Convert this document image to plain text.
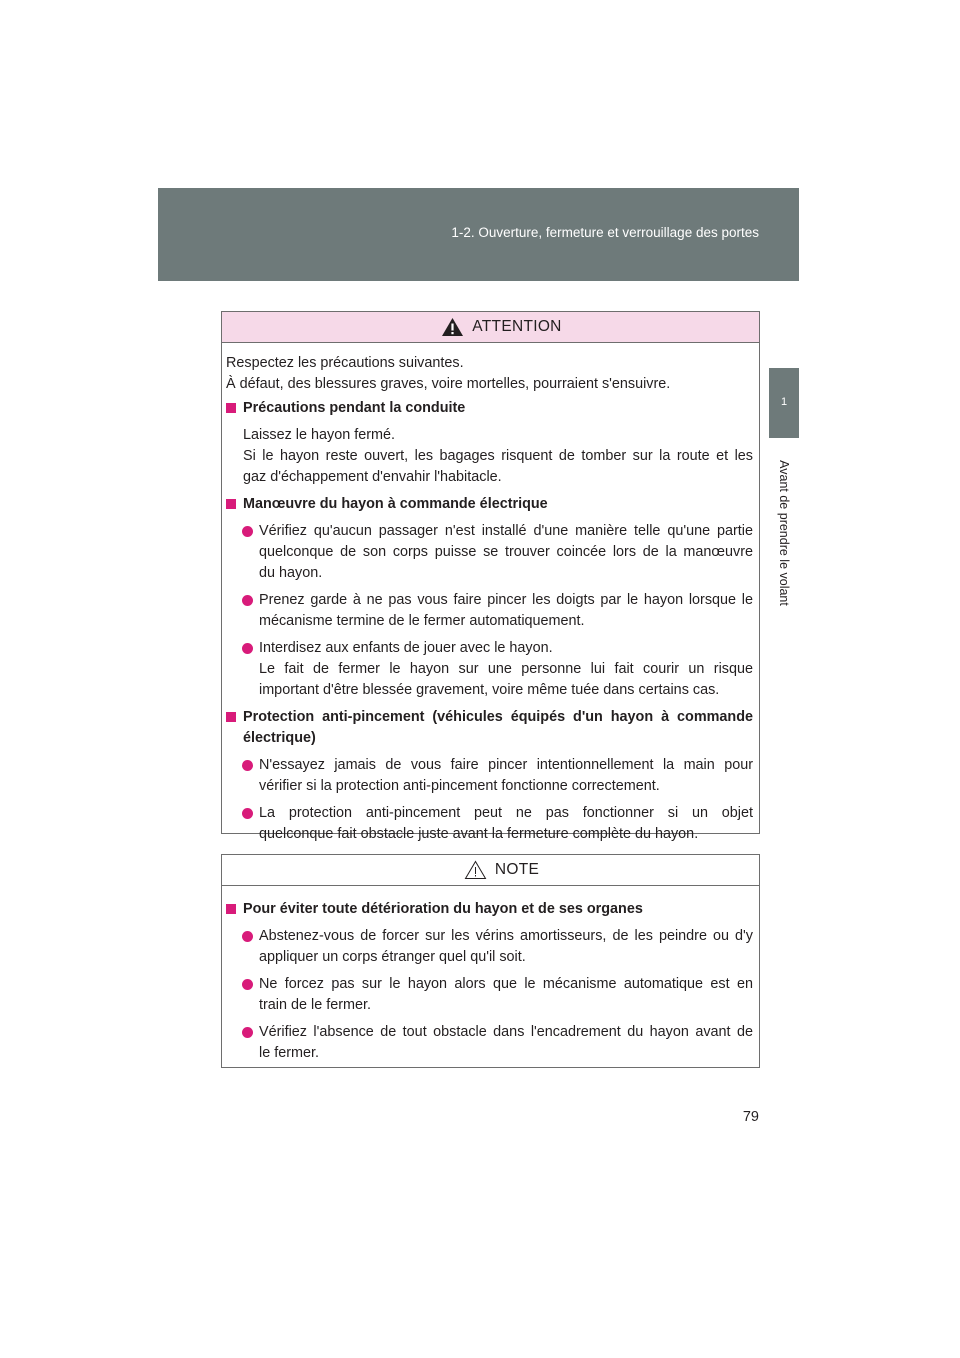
1-2. Ouverture, fermeture et verrouillage des portes
1
Avant de prendre le volant
ATTENTION
Respectez les précautions suivantes.
À défaut, des blessures graves, voire mortelles, pourraient s'ensuivre.
Précautions pendant la conduite
Laissez le hayon fermé.
Si le hayon reste ouvert, les bagages risquent de tomber sur la route et les
gaz d'échappement d'envahir l'habitacle.
Manœuvre du hayon à commande électrique
Vérifiez qu'aucun passager n'est installé d'une manière telle qu'une partie
quelconque de son corps puisse se trouver coincée lors de la manœuvre
du hayon.
Prenez garde à ne pas vous faire pincer les doigts par le hayon lorsque le
mécanisme termine de le fermer automatiquement.
Interdisez aux enfants de jouer avec le hayon.
Le fait de fermer le hayon sur une personne lui fait courir un risque
important d'être blessée gravement, voire même tuée dans certains cas.
Protection anti-pincement (véhicules équipés d'un hayon à commande
électrique)
N'essayez jamais de vous faire pincer intentionnellement la main pour
vérifier si la protection anti-pincement fonctionne correctement.
La protection anti-pincement peut ne pas fonctionner si un objet
quelconque fait obstacle juste avant la fermeture complète du hayon.
NOTE
Pour éviter toute détérioration du hayon et de ses organes
Abstenez-vous de forcer sur les vérins amortisseurs, de les peindre ou d'y
appliquer un corps étranger quel qu'il soit.
Ne forcez pas sur le hayon alors que le mécanisme automatique est en
train de le fermer.
Vérifiez l'absence de tout obstacle dans l'encadrement du hayon avant de
le fermer.
79
